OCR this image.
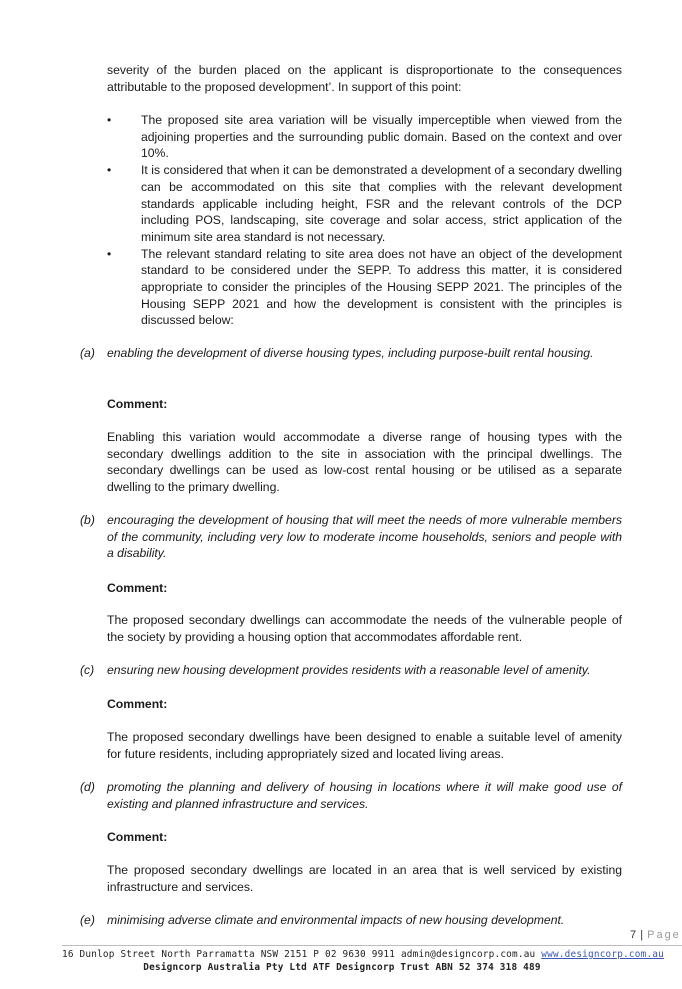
severity of the burden placed on the applicant is disproportionate to the consequences attributable to the proposed development’. In support of this point:

•	The proposed site area variation will be visually imperceptible when viewed from the adjoining properties and the surrounding public domain. Based on the context and over 10%.
•	It is considered that when it can be demonstrated a development of a secondary dwelling can be accommodated on this site that complies with the relevant development standards applicable including height, FSR and the relevant controls of the DCP including POS, landscaping, site coverage and solar access, strict application of the minimum site area standard is not necessary.
•	The relevant standard relating to site area does not have an object of the development standard to be considered under the SEPP. To address this matter, it is considered appropriate to consider the principles of the Housing SEPP 2021. The principles of the Housing SEPP 2021 and how the development is consistent with the principles is discussed below:
(a) enabling the development of diverse housing types, including purpose-built rental housing.
Comment:
Enabling this variation would accommodate a diverse range of housing types with the secondary dwellings addition to the site in association with the principal dwellings. The secondary dwellings can be used as low-cost rental housing or be utilised as a separate dwelling to the primary dwelling.
(b) encouraging the development of housing that will meet the needs of more vulnerable members of the community, including very low to moderate income households, seniors and people with a disability.
Comment:
The proposed secondary dwellings can accommodate the needs of the vulnerable people of the society by providing a housing option that accommodates affordable rent.
(c)	ensuring new housing development provides residents with a reasonable level of amenity.
Comment:
The proposed secondary dwellings have been designed to enable a suitable level of amenity for future residents, including appropriately sized and located living areas.
(d) promoting the planning and delivery of housing in locations where it will make good use of existing and planned infrastructure and services.
Comment:
The proposed secondary dwellings are located in an area that is well serviced by existing infrastructure and services.
(e) minimising adverse climate and environmental impacts of new housing development.
7 | Page
16 Dunlop Street North Parramatta NSW 2151 P 02 9630 9911 admin@designcorp.com.au www.designcorp.com.au
Designcorp Australia Pty Ltd ATF Designcorp Trust ABN 52 374 318 489
